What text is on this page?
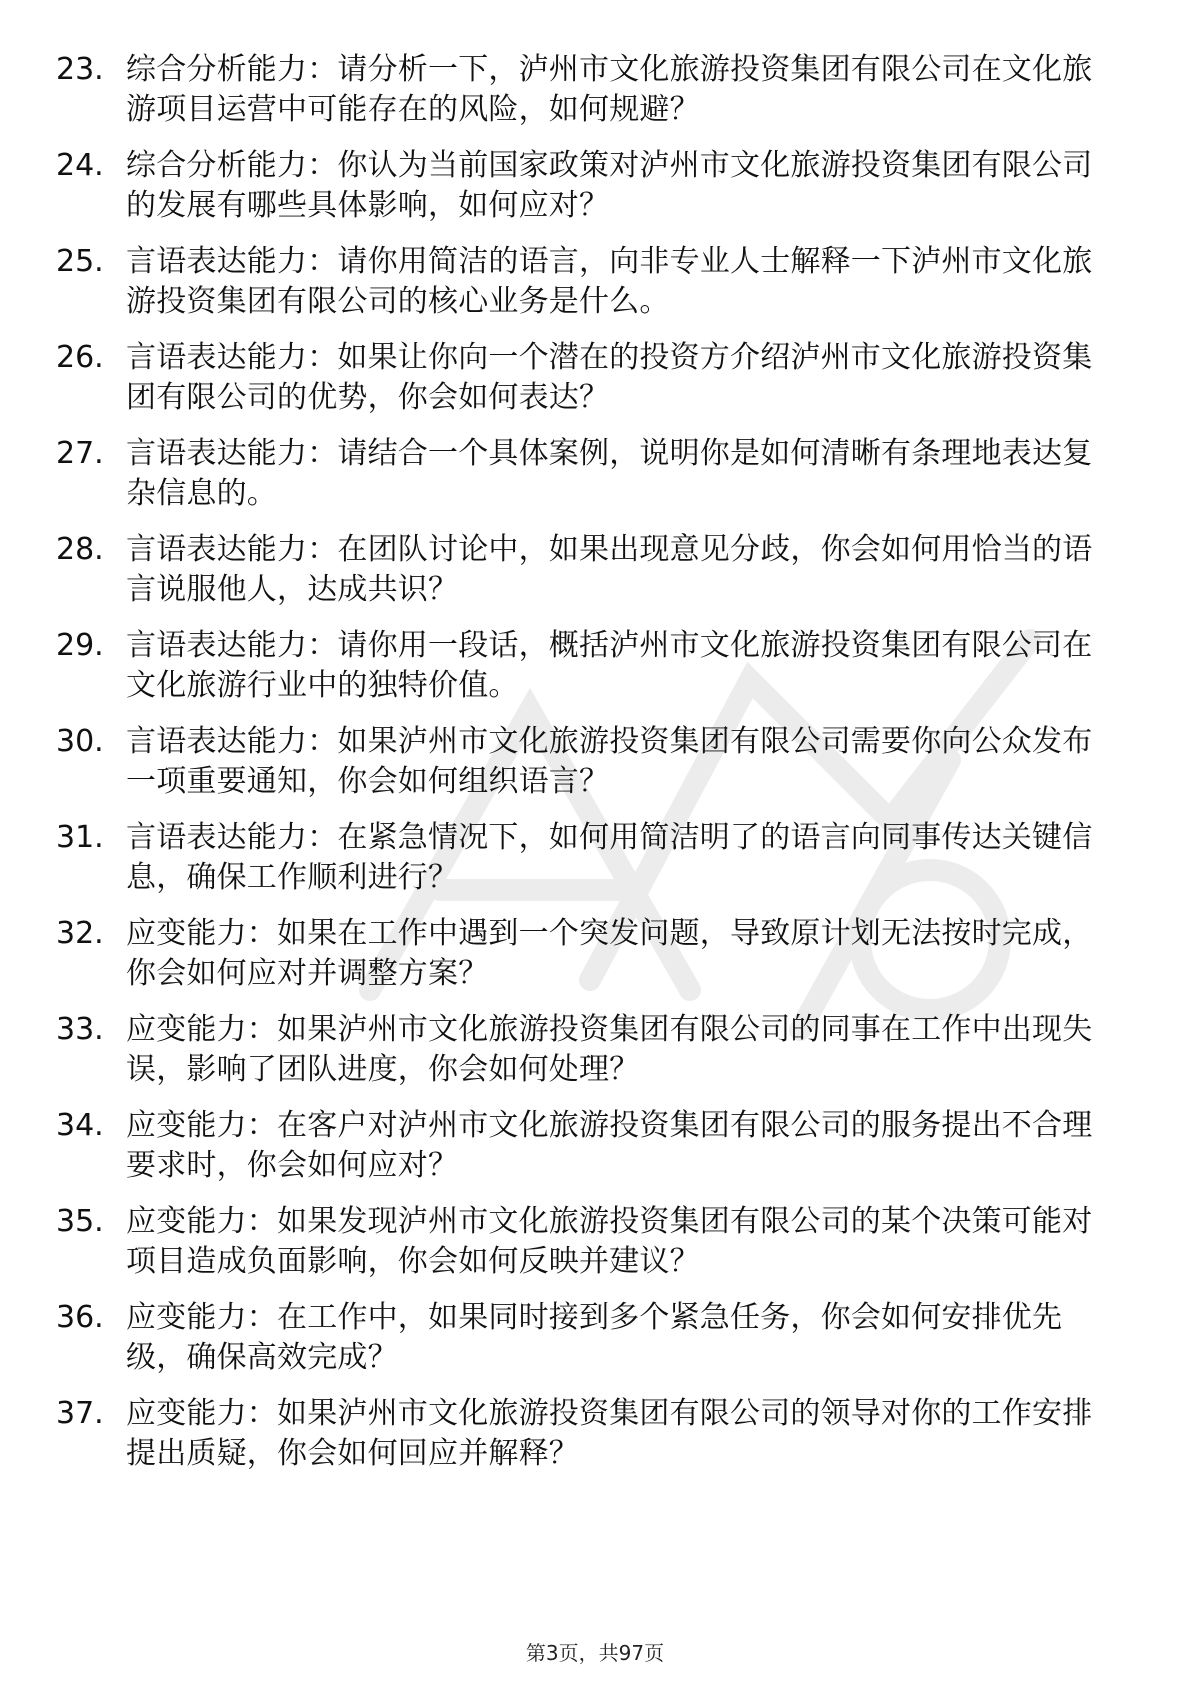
23. 综合分析能力：请分析一下，泸州市文化旅游投资集团有限公司在文化旅游项目运营中可能存在的风险，如何规避？
24. 综合分析能力：你认为当前国家政策对泸州市文化旅游投资集团有限公司的发展有哪些具体影响，如何应对？
25. 言语表达能力：请你用简洁的语言，向非专业人士解释一下泸州市文化旅游投资集团有限公司的核心业务是什么。
26. 言语表达能力：如果让你向一个潜在的投资方介绍泸州市文化旅游投资集团有限公司的优势，你会如何表达？
27. 言语表达能力：请结合一个具体案例，说明你是如何清晰有条理地表达复杂信息的。
28. 言语表达能力：在团队讨论中，如果出现意见分歧，你会如何用恰当的语言说服他人，达成共识？
29. 言语表达能力：请你用一段话，概括泸州市文化旅游投资集团有限公司在文化旅游行业中的独特价值。
30. 言语表达能力：如果泸州市文化旅游投资集团有限公司需要你向公众发布一项重要通知，你会如何组织语言？
31. 言语表达能力：在紧急情况下，如何用简洁明了的语言向同事传达关键信息，确保工作顺利进行？
32. 应变能力：如果在工作中遇到一个突发问题，导致原计划无法按时完成，你会如何应对并调整方案？
33. 应变能力：如果泸州市文化旅游投资集团有限公司的同事在工作中出现失误，影响了团队进度，你会如何处理？
34. 应变能力：在客户对泸州市文化旅游投资集团有限公司的服务提出不合理要求时，你会如何应对？
35. 应变能力：如果发现泸州市文化旅游投资集团有限公司的某个决策可能对项目造成负面影响，你会如何反映并建议？
36. 应变能力：在工作中，如果同时接到多个紧急任务，你会如何安排优先级，确保高效完成？
37. 应变能力：如果泸州市文化旅游投资集团有限公司的领导对你的工作安排提出质疑，你会如何回应并解释？
第3页，共97页
